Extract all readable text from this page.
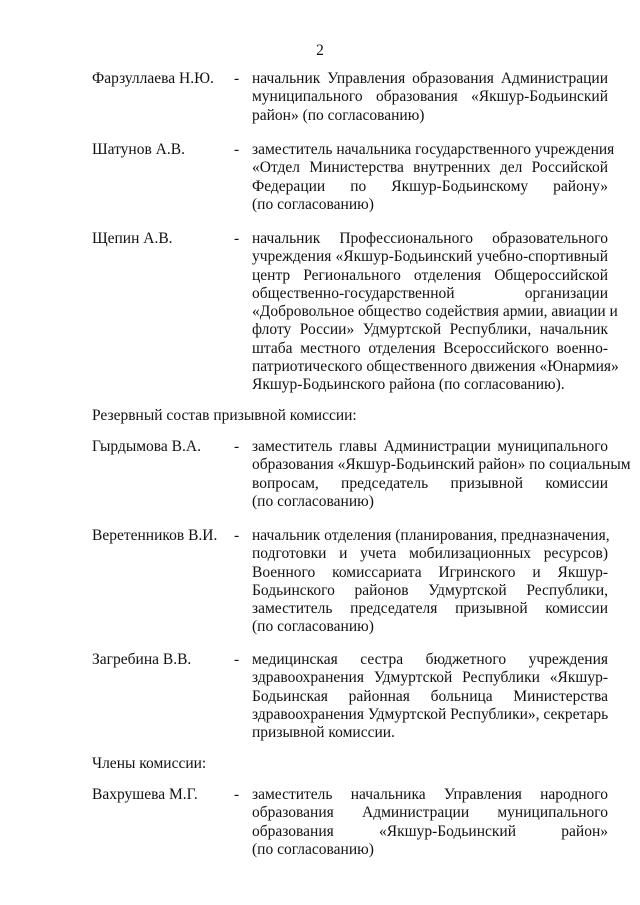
2
Фарзуллаева Н.Ю. - начальник Управления образования Администрации
муниципального образования «Якшур-Бодьинский
район» (по согласованию)
Шатунов А.В.	- заместитель начальника государственного учреждения
«Отдел Министерства внутренних дел Российской
Федерации по Якшур-Бодьинскому району»
(по согласованию)
Щепин А.В.	- начальник Профессионального образовательного
учреждения «Якшур-Бодьинский учебно-спортивный
центр Регионального отделения Общероссийской
общественно-государственной организации
«Добровольное общество содействия армии, авиации и
флоту России» Удмуртской Республики, начальник
штаба местного отделения Всероссийского военно-
патриотического общественного движения «Юнармия»
Якшур-Бодьинского района (по согласованию).
Резервный состав призывной комиссии:
Гырдымова В.А. - заместитель главы Администрации муниципального
образования «Якшур-Бодьинский район» по социальным
вопросам, председатель призывной комиссии
(по согласованию)
Веретенников В.И. - начальник отделения (планирования, предназначения,
подготовки и учета мобилизационных ресурсов)
Военного комиссариата Игринского и Якшур-
Бодьинского районов Удмуртской Республики,
заместитель председателя призывной комиссии
(по согласованию)
Загребина В.В.	- медицинская сестра бюджетного учреждения
здравоохранения Удмуртской Республики «Якшур-
Бодьинская районная больница Министерства
здравоохранения Удмуртской Республики», секретарь
призывной комиссии.
Члены комиссии:
Вахрушева М.Г. - заместитель начальника Управления народного
образования Администрации муниципального
образования «Якшур-Бодьинский район»
(по согласованию)
